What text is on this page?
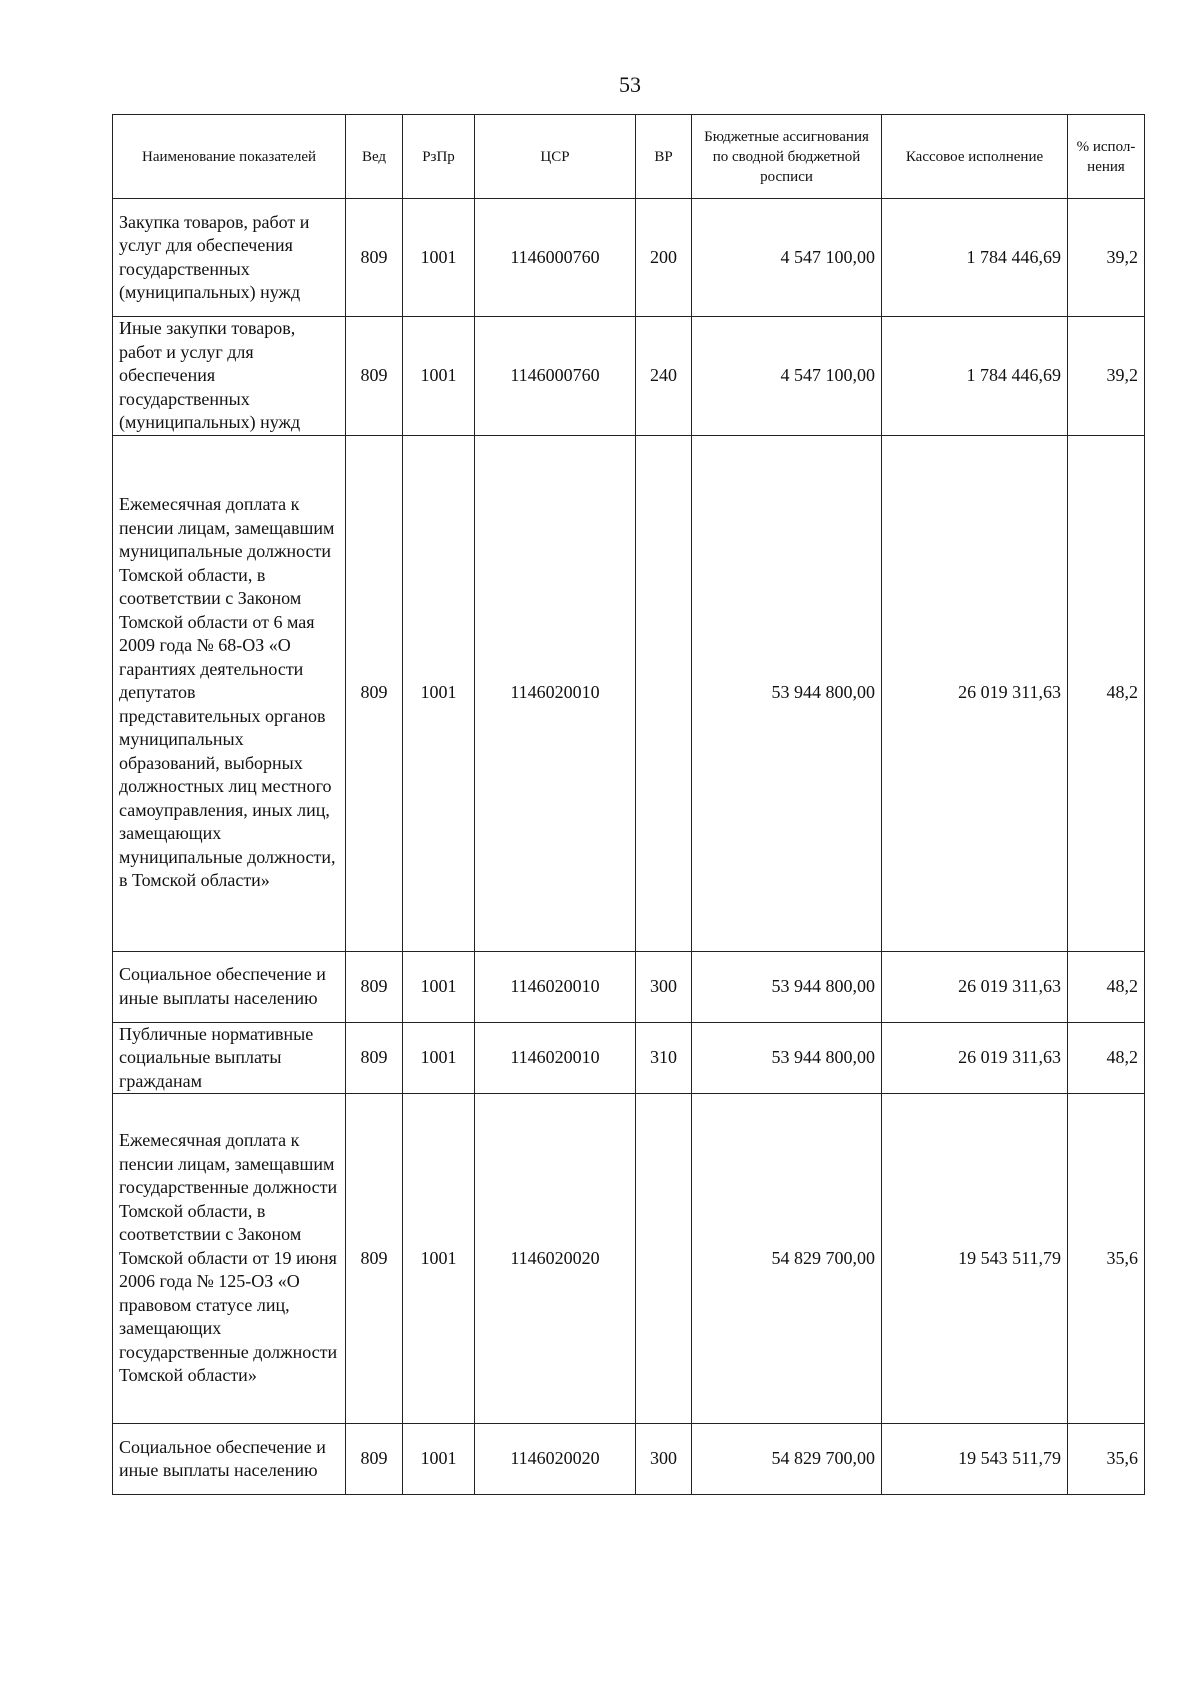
53
Наименование показателей	Вед	РзПр	ЦСР	ВР	Бюджетные ассигнования по сводной бюджетной росписи	Кассовое исполнение	% испол-нения
Закупка товаров, работ и услуг для обеспечения государственных (муниципальных) нужд	809	1001	1146000760	200	4 547 100,00	1 784 446,69	39,2
Иные закупки товаров, работ и услуг для обеспечения государственных (муниципальных) нужд	809	1001	1146000760	240	4 547 100,00	1 784 446,69	39,2
Ежемесячная доплата к пенсии лицам, замещавшим муниципальные должности Томской области, в соответствии с Законом Томской области от 6 мая 2009 года № 68-ОЗ «О гарантиях деятельности депутатов представительных органов муниципальных образований, выборных должностных лиц местного самоуправления, иных лиц, замещающих муниципальные должности, в Томской области»	809	1001	1146020010		53 944 800,00	26 019 311,63	48,2
Социальное обеспечение и иные выплаты населению	809	1001	1146020010	300	53 944 800,00	26 019 311,63	48,2
Публичные нормативные социальные выплаты гражданам	809	1001	1146020010	310	53 944 800,00	26 019 311,63	48,2
Ежемесячная доплата к пенсии лицам, замещавшим государственные должности Томской области, в соответствии с Законом Томской области от 19 июня 2006 года № 125-ОЗ «О правовом статусе лиц, замещающих государственные должности Томской области»	809	1001	1146020020		54 829 700,00	19 543 511,79	35,6
Социальное обеспечение и иные выплаты населению	809	1001	1146020020	300	54 829 700,00	19 543 511,79	35,6
